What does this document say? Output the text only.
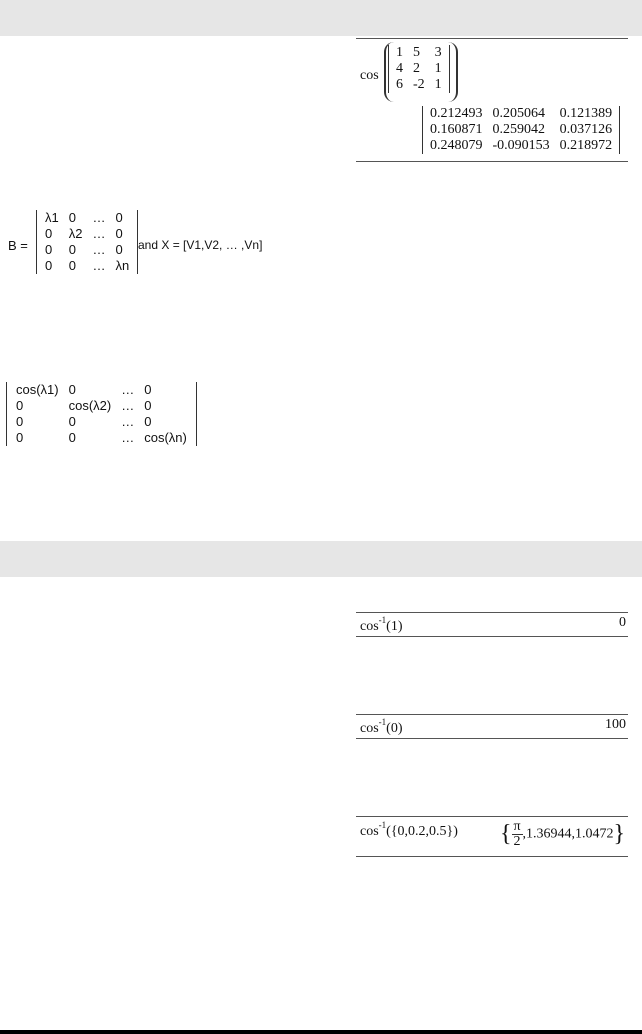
cos
1	5	3
4	2	1
6	-2	1
0.212493	0.205064	0.121389
0.160871	0.259042	0.037126
0.248079	-0.090153	0.218972
B =
λ1	0	…	0
0	λ2	…	0
0	0	…	0
0	0	…	λn
and X = [V1,V2, … ,Vn]
cos(λ1)	0	…	0
0	cos(λ2)	…	0
0	0	…	0
0	0	…	cos(λn)
$\cos^{-1}(1)$	0
$\cos^{-1}(0)$	100
$\cos^{-1}(\{0,0.2,0.5\})$ $\{\frac{\pi}{2},1.36944,1.0472\}$
